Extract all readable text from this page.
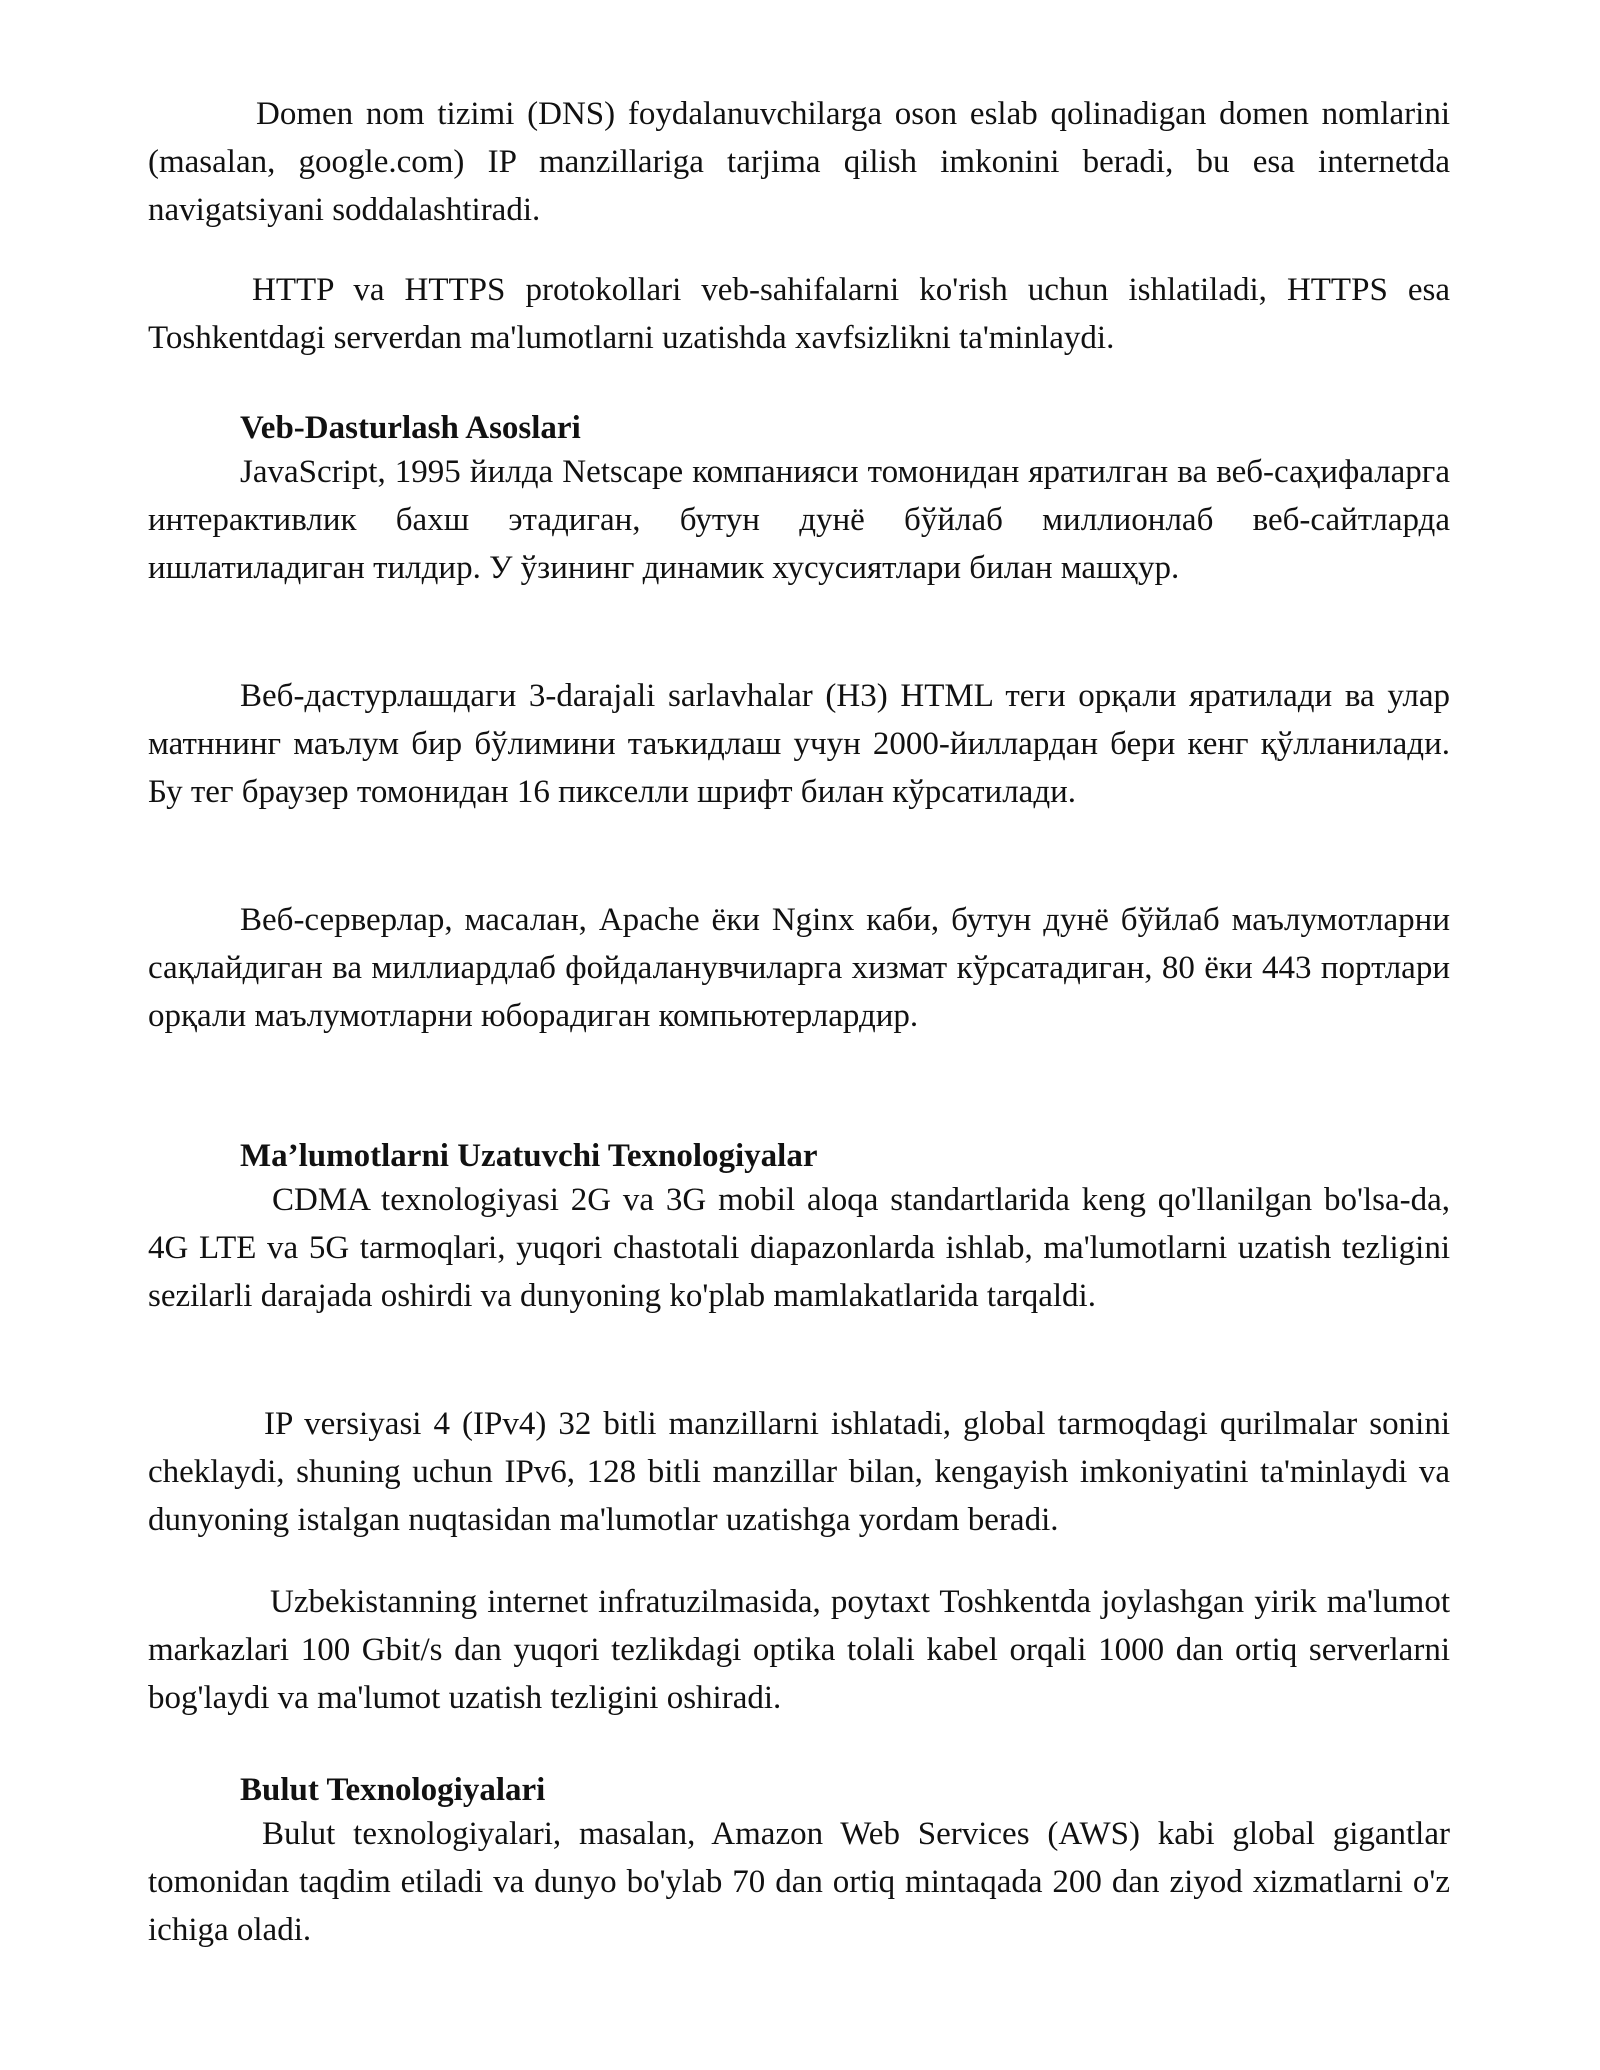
Domen nom tizimi (DNS) foydalanuvchilarga oson eslab qolinadigan domen nomlarini (masalan, google.com) IP manzillariga tarjima qilish imkonini beradi, bu esa internetda navigatsiyani soddalashtiradi.

HTTP va HTTPS protokollari veb-sahifalarni ko'rish uchun ishlatiladi, HTTPS esa Toshkentdagi serverdan ma'lumotlarni uzatishda xavfsizlikni ta'minlaydi.

Veb-Dasturlash Asoslari

JavaScript, 1995 йилда Netscape компанияси томонидан яратилган ва веб-саҳифаларга интерактивлик бахш этадиган, бутун дунё бўйлаб миллионлаб веб-сайтларда ишлатиладиган тилдир. У ўзининг динамик хусусиятлари билан машҳур.

Веб-дастурлашдаги 3-darajali sarlavhalar (H3) HTML теги орқали яратилади ва улар матннинг маълум бир бўлимини таъкидлаш учун 2000-йиллардан бери кенг қўлланилади. Бу тег браузер томонидан 16 пикселли шрифт билан кўрсатилади.

Веб-серверлар, масалан, Apache ёки Nginx каби, бутун дунё бўйлаб маълумотларни сақлайдиган ва миллиардлаб фойдаланувчиларга хизмат кўрсатадиган, 80 ёки 443 портлари орқали маълумотларни юборадиган компьютерлардир.

Ma’lumotlarni Uzatuvchi Texnologiyalar

CDMA texnologiyasi 2G va 3G mobil aloqa standartlarida keng qo'llanilgan bo'lsa-da, 4G LTE va 5G tarmoqlari, yuqori chastotali diapazonlarda ishlab, ma'lumotlarni uzatish tezligini sezilarli darajada oshirdi va dunyoning ko'plab mamlakatlarida tarqaldi.

IP versiyasi 4 (IPv4) 32 bitli manzillarni ishlatadi, global tarmoqdagi qurilmalar sonini cheklaydi, shuning uchun IPv6, 128 bitli manzillar bilan, kengayish imkoniyatini ta'minlaydi va dunyoning istalgan nuqtasidan ma'lumotlar uzatishga yordam beradi.

Uzbekistanning internet infratuzilmasida, poytaxt Toshkentda joylashgan yirik ma'lumot markazlari 100 Gbit/s dan yuqori tezlikdagi optika tolali kabel orqali 1000 dan ortiq serverlarni bog'laydi va ma'lumot uzatish tezligini oshiradi.

Bulut Texnologiyalari

Bulut texnologiyalari, masalan, Amazon Web Services (AWS) kabi global gigantlar tomonidan taqdim etiladi va dunyo bo'ylab 70 dan ortiq mintaqada 200 dan ziyod xizmatlarni o'z ichiga oladi.
